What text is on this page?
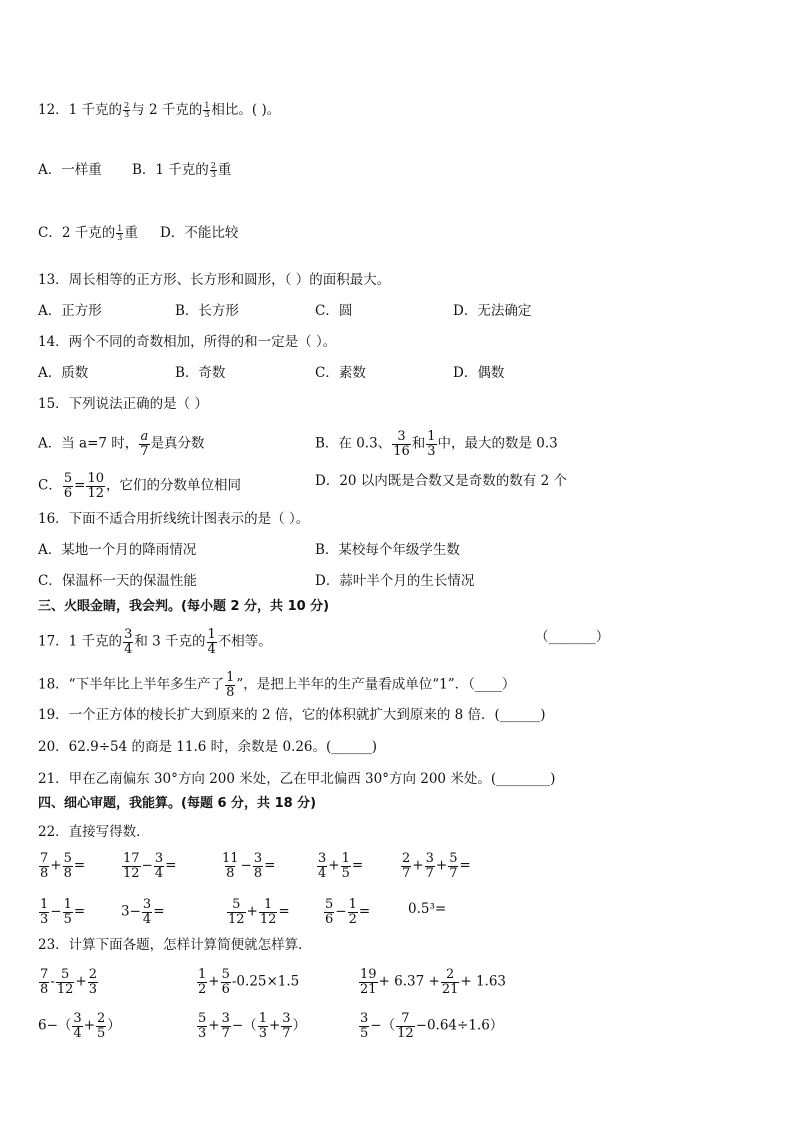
12．1 千克的 $\frac{2}{3}$ 与 2 千克的 $\frac{1}{3}$ 相比。( )。
A．一样重 B．1 千克的 $\frac{2}{3}$ 重
C．2 千克的 $\frac{1}{3}$ 重 D．不能比较
13．周长相等的正方形、长方形和圆形，（ ）的面积最大。
A．正方形	B．长方形	C．圆	D．无法确定
14．两个不同的奇数相加，所得的和一定是（ ）。
A．质数	B．奇数	C．素数	D．偶数
15．下列说法正确的是（ ）
A．当 a=7 时， $\frac{a}{7}$ 是真分数	B．在 0.3、 $\frac{3}{16}$ 和 $\frac{1}{3}$ 中，最大的数是 0.3
C． $\frac{5}{6} = \frac{10}{12}$ ，它们的分数单位相同	D．20 以内既是合数又是奇数的数有 2 个
16．下面不适合用折线统计图表示的是（ ）。
A．某地一个月的降雨情况	B．某校每个年级学生数
C．保温杯一天的保温性能	D．蒜叶半个月的生长情况
三、火眼金睛，我会判。(每小题 2 分，共 10 分)
17．1 千克的 $\frac{3}{4}$ 和 3 千克的 $\frac{1}{4}$ 不相等。	（_______）
18．“下半年比上半年多生产了 $\frac{1}{8}$ ”，是把上半年的生产量看成单位“1”．（____）
19．一个正方体的棱长扩大到原来的 2 倍，它的体积就扩大到原来的 8 倍．(______)
20．62.9÷54 的商是 11.6 时，余数是 0.26。(______)
21．甲在乙南偏东 30°方向 200 米处，乙在甲北偏西 30°方向 200 米处。(________)
四、细心审题，我能算。(每题 6 分，共 18 分)
22．直接写得数．
$\frac{7}{8} + \frac{5}{8}$ =	$\frac{17}{12} - \frac{3}{4}$ =	$\frac{11}{8} - \frac{3}{8}$ =	$\frac{3}{4} + \frac{1}{5}$ =	$\frac{2}{7} + \frac{3}{7} + \frac{5}{7}$ =
$\frac{1}{3} - \frac{1}{5}$ =	$3- \frac{3}{4}$ =	$\frac{5}{12} + \frac{1}{12}$ =	$\frac{5}{6} - \frac{1}{2}$ =	0.5³=
23．计算下面各题，怎样计算简便就怎样算．
$\frac{7}{8} - \frac{5}{12} + \frac{2}{3}$	$\frac{1}{2} + \frac{5}{6} -0.25\times 1.5$	$\frac{19}{21} + 6.37 + \frac{2}{21} + 1.63$
$6-( \frac{3}{4} + \frac{2}{5}$ ）	$\frac{5}{3} + \frac{3}{7}$ −（ $\frac{1}{3} + \frac{3}{7}$ ）	$\frac{3}{5}$ −（ $\frac{7}{12} -0.64\div 1.6$）
